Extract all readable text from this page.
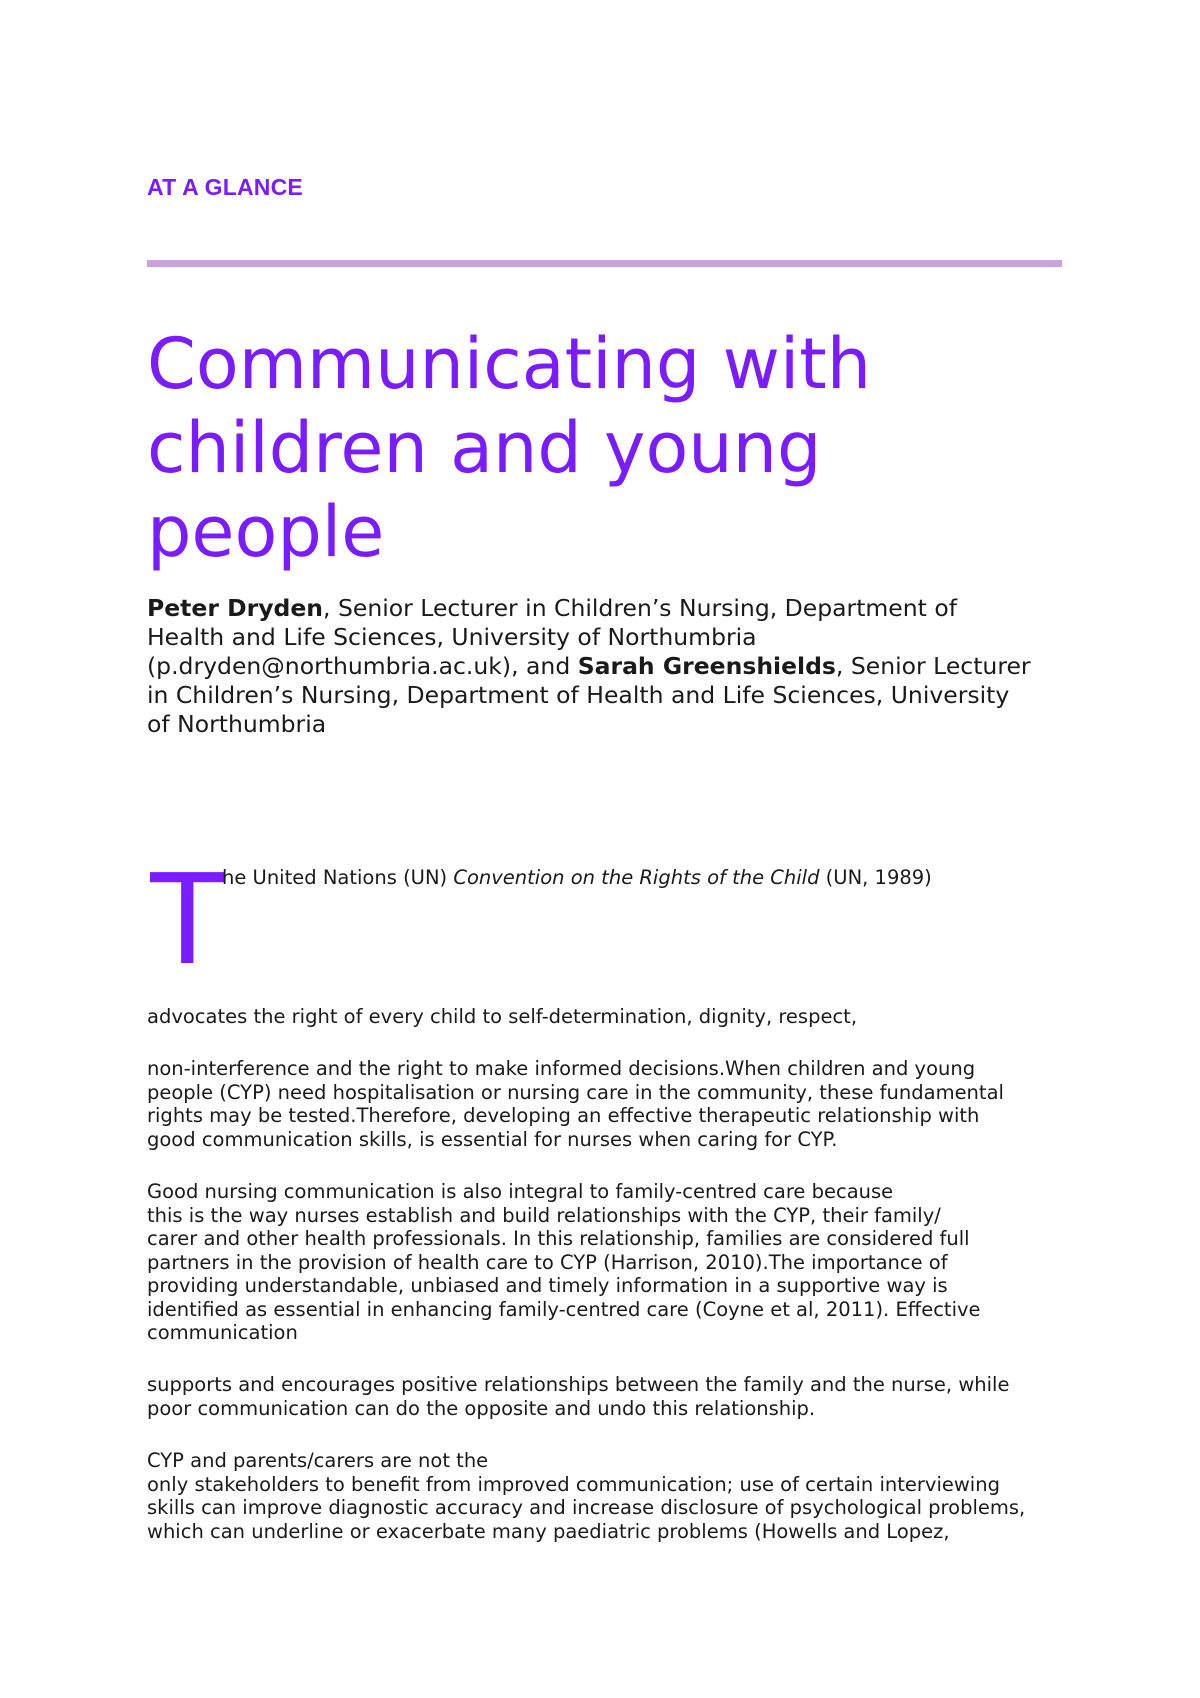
AT A GLANCE
Communicating with
children and young
people

Peter Dryden, Senior Lecturer in Children’s Nursing, Department of
Health and Life Sciences, University of Northumbria
(p.dryden@northumbria.ac.uk), and Sarah Greenshields, Senior Lecturer
in Children’s Nursing, Department of Health and Life Sciences, University
of Northumbria

T
he United Nations (UN) Convention on the Rights of the Child (UN, 1989)

advocates the right of every child to self-determination, dignity, respect,

non-interference and the right to make informed decisions.When children and young
people (CYP) need hospitalisation or nursing care in the community, these fundamental
rights may be tested.Therefore, developing an effective therapeutic relationship with
good communication skills, is essential for nurses when caring for CYP.

Good nursing communication is also integral to family-centred care because
this is the way nurses establish and build relationships with the CYP, their family/
carer and other health professionals. In this relationship, families are considered full
partners in the provision of health care to CYP (Harrison, 2010).The importance of
providing understandable, unbiased and timely information in a supportive way is
identified as essential in enhancing family-centred care (Coyne et al, 2011). Effective
communication

supports and encourages positive relationships between the family and the nurse, while
poor communication can do the opposite and undo this relationship.

CYP and parents/carers are not the
only stakeholders to benefit from improved communication; use of certain interviewing
skills can improve diagnostic accuracy and increase disclosure of psychological problems,
which can underline or exacerbate many paediatric problems (Howells and Lopez,
